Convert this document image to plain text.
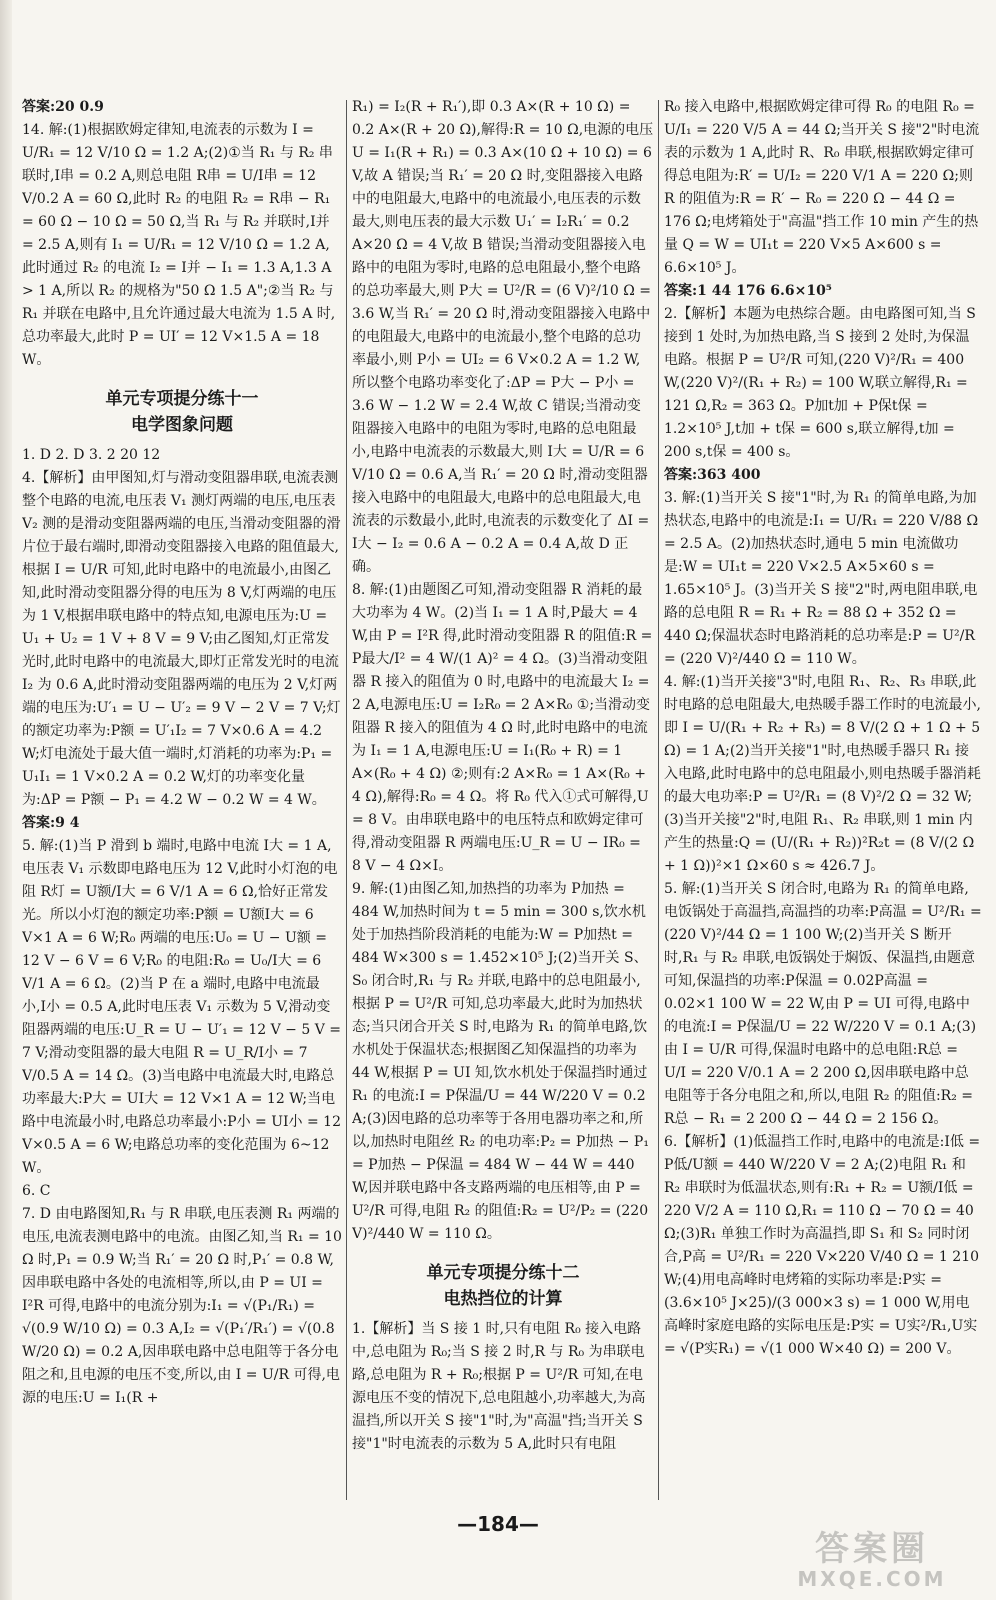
答案:20 0.9

14. 解:(1)根据欧姆定律知,电流表的示数为 I = U/R₁ = 12 V/10 Ω = 1.2 A;(2)①当 R₁ 与 R₂ 串联时,I串 = 0.2 A,则总电阻 R串 = U/I串 = 12 V/0.2 A = 60 Ω,此时 R₂ 的电阻 R₂ = R串 − R₁ = 60 Ω − 10 Ω = 50 Ω,当 R₁ 与 R₂ 并联时,I并 = 2.5 A,则有 I₁ = U/R₁ = 12 V/10 Ω = 1.2 A,此时通过 R₂ 的电流 I₂ = I并 − I₁ = 1.3 A,1.3 A > 1 A,所以 R₂ 的规格为"50 Ω 1.5 A";②当 R₂ 与 R₁ 并联在电路中,且允许通过最大电流为 1.5 A 时,总功率最大,此时 P = UI′ = 12 V×1.5 A = 18 W。

单元专项提分练十一
电学图象问题

1. D 2. D 3. 2 20 12

4.【解析】由甲图知,灯与滑动变阻器串联,电流表测整个电路的电流,电压表 V₁ 测灯两端的电压,电压表 V₂ 测的是滑动变阻器两端的电压,当滑动变阻器的滑片位于最右端时,即滑动变阻器接入电路的阻值最大,根据 I = U/R 可知,此时电路中的电流最小,由图乙知,此时滑动变阻器分得的电压为 8 V,灯两端的电压为 1 V,根据串联电路中的特点知,电源电压为:U = U₁ + U₂ = 1 V + 8 V = 9 V;由乙图知,灯正常发光时,此时电路中的电流最大,即灯正常发光时的电流 I₂ 为 0.6 A,此时滑动变阻器两端的电压为 2 V,灯两端的电压为:U′₁ = U − U′₂ = 9 V − 2 V = 7 V;灯的额定功率为:P额 = U′₁I₂ = 7 V×0.6 A = 4.2 W;灯电流处于最大值一端时,灯消耗的功率为:P₁ = U₁I₁ = 1 V×0.2 A = 0.2 W,灯的功率变化量为:ΔP = P额 − P₁ = 4.2 W − 0.2 W = 4 W。

答案:9 4

5. 解:(1)当 P 滑到 b 端时,电路中电流 I大 = 1 A,电压表 V₁ 示数即电路电压为 12 V,此时小灯泡的电阻 R灯 = U额/I大 = 6 V/1 A = 6 Ω,恰好正常发光。所以小灯泡的额定功率:P额 = U额I大 = 6 V×1 A = 6 W;R₀ 两端的电压:U₀ = U − U额 = 12 V − 6 V = 6 V;R₀ 的电阻:R₀ = U₀/I大 = 6 V/1 A = 6 Ω。(2)当 P 在 a 端时,电路中电流最小,I小 = 0.5 A,此时电压表 V₁ 示数为 5 V,滑动变阻器两端的电压:U_R = U − U′₁ = 12 V − 5 V = 7 V;滑动变阻器的最大电阻 R = U_R/I小 = 7 V/0.5 A = 14 Ω。(3)当电路中电流最大时,电路总功率最大:P大 = UI大 = 12 V×1 A = 12 W;当电路中电流最小时,电路总功率最小:P小 = UI小 = 12 V×0.5 A = 6 W;电路总功率的变化范围为 6~12 W。

6. C

7. D 由电路图知,R₁ 与 R 串联,电压表测 R₁ 两端的电压,电流表测电路中的电流。由图乙知,当 R₁ = 10 Ω 时,P₁ = 0.9 W;当 R₁′ = 20 Ω 时,P₁′ = 0.8 W,因串联电路中各处的电流相等,所以,由 P = UI = I²R 可得,电路中的电流分别为:I₁ = √(P₁/R₁) = √(0.9 W/10 Ω) = 0.3 A,I₂ = √(P₁′/R₁′) = √(0.8 W/20 Ω) = 0.2 A,因串联电路中总电阻等于各分电阻之和,且电源的电压不变,所以,由 I = U/R 可得,电源的电压:U = I₁(R +

R₁) = I₂(R + R₁′),即 0.3 A×(R + 10 Ω) = 0.2 A×(R + 20 Ω),解得:R = 10 Ω,电源的电压 U = I₁(R + R₁) = 0.3 A×(10 Ω + 10 Ω) = 6 V,故 A 错误;当 R₁′ = 20 Ω 时,变阻器接入电路中的电阻最大,电路中的电流最小,电压表的示数最大,则电压表的最大示数 U₁′ = I₂R₁′ = 0.2 A×20 Ω = 4 V,故 B 错误;当滑动变阻器接入电路中的电阻为零时,电路的总电阻最小,整个电路的总功率最大,则 P大 = U²/R = (6 V)²/10 Ω = 3.6 W,当 R₁′ = 20 Ω 时,滑动变阻器接入电路中的电阻最大,电路中的电流最小,整个电路的总功率最小,则 P小 = UI₂ = 6 V×0.2 A = 1.2 W,所以整个电路功率变化了:ΔP = P大 − P小 = 3.6 W − 1.2 W = 2.4 W,故 C 错误;当滑动变阻器接入电路中的电阻为零时,电路的总电阻最小,电路中电流表的示数最大,则 I大 = U/R = 6 V/10 Ω = 0.6 A,当 R₁′ = 20 Ω 时,滑动变阻器接入电路中的电阻最大,电路中的总电阻最大,电流表的示数最小,此时,电流表的示数变化了 ΔI = I大 − I₂ = 0.6 A − 0.2 A = 0.4 A,故 D 正确。

8. 解:(1)由题图乙可知,滑动变阻器 R 消耗的最大功率为 4 W。(2)当 I₁ = 1 A 时,P最大 = 4 W,由 P = I²R 得,此时滑动变阻器 R 的阻值:R = P最大/I² = 4 W/(1 A)² = 4 Ω。(3)当滑动变阻器 R 接入的阻值为 0 时,电路中的电流最大 I₂ = 2 A,电源电压:U = I₂R₀ = 2 A×R₀ ①;当滑动变阻器 R 接入的阻值为 4 Ω 时,此时电路中的电流为 I₁ = 1 A,电源电压:U = I₁(R₀ + R) = 1 A×(R₀ + 4 Ω) ②;则有:2 A×R₀ = 1 A×(R₀ + 4 Ω),解得:R₀ = 4 Ω。将 R₀ 代入①式可解得,U = 8 V。由串联电路中的电压特点和欧姆定律可得,滑动变阻器 R 两端电压:U_R = U − IR₀ = 8 V − 4 Ω×I。

9. 解:(1)由图乙知,加热挡的功率为 P加热 = 484 W,加热时间为 t = 5 min = 300 s,饮水机处于加热挡阶段消耗的电能为:W = P加热t = 484 W×300 s = 1.452×10⁵ J;(2)当开关 S、S₀ 闭合时,R₁ 与 R₂ 并联,电路中的总电阻最小,根据 P = U²/R 可知,总功率最大,此时为加热状态;当只闭合开关 S 时,电路为 R₁ 的简单电路,饮水机处于保温状态;根据图乙知保温挡的功率为 44 W,根据 P = UI 知,饮水机处于保温挡时通过 R₁ 的电流:I = P保温/U = 44 W/220 V = 0.2 A;(3)因电路的总功率等于各用电器功率之和,所以,加热时电阻丝 R₂ 的电功率:P₂ = P加热 − P₁ = P加热 − P保温 = 484 W − 44 W = 440 W,因并联电路中各支路两端的电压相等,由 P = U²/R 可得,电阻 R₂ 的阻值:R₂ = U²/P₂ = (220 V)²/440 W = 110 Ω。

单元专项提分练十二
电热挡位的计算

1.【解析】当 S 接 1 时,只有电阻 R₀ 接入电路中,总电阻为 R₀;当 S 接 2 时,R 与 R₀ 为串联电路,总电阻为 R + R₀;根据 P = U²/R 可知,在电源电压不变的情况下,总电阻越小,功率越大,为高温挡,所以开关 S 接"1"时,为"高温"挡;当开关 S 接"1"时电流表的示数为 5 A,此时只有电阻

R₀ 接入电路中,根据欧姆定律可得 R₀ 的电阻 R₀ = U/I₁ = 220 V/5 A = 44 Ω;当开关 S 接"2"时电流表的示数为 1 A,此时 R、R₀ 串联,根据欧姆定律可得总电阻为:R′ = U/I₂ = 220 V/1 A = 220 Ω;则 R 的阻值为:R = R′ − R₀ = 220 Ω − 44 Ω = 176 Ω;电烤箱处于"高温"挡工作 10 min 产生的热量 Q = W = UI₁t = 220 V×5 A×600 s = 6.6×10⁵ J。

答案:1 44 176 6.6×10⁵

2.【解析】本题为电热综合题。由电路图可知,当 S 接到 1 处时,为加热电路,当 S 接到 2 处时,为保温电路。根据 P = U²/R 可知,(220 V)²/R₁ = 400 W,(220 V)²/(R₁ + R₂) = 100 W,联立解得,R₁ = 121 Ω,R₂ = 363 Ω。P加t加 + P保t保 = 1.2×10⁵ J,t加 + t保 = 600 s,联立解得,t加 = 200 s,t保 = 400 s。

答案:363 400

3. 解:(1)当开关 S 接"1"时,为 R₁ 的简单电路,为加热状态,电路中的电流是:I₁ = U/R₁ = 220 V/88 Ω = 2.5 A。(2)加热状态时,通电 5 min 电流做功是:W = UI₁t = 220 V×2.5 A×5×60 s = 1.65×10⁵ J。(3)当开关 S 接"2"时,两电阻串联,电路的总电阻 R = R₁ + R₂ = 88 Ω + 352 Ω = 440 Ω;保温状态时电路消耗的总功率是:P = U²/R = (220 V)²/440 Ω = 110 W。

4. 解:(1)当开关接"3"时,电阻 R₁、R₂、R₃ 串联,此时电路的总电阻最大,电热暖手器工作时的电流最小,即 I = U/(R₁ + R₂ + R₃) = 8 V/(2 Ω + 1 Ω + 5 Ω) = 1 A;(2)当开关接"1"时,电热暖手器只 R₁ 接入电路,此时电路中的总电阻最小,则电热暖手器消耗的最大电功率:P = U²/R₁ = (8 V)²/2 Ω = 32 W;(3)当开关接"2"时,电阻 R₁、R₂ 串联,则 1 min 内产生的热量:Q = (U/(R₁ + R₂))²R₂t = (8 V/(2 Ω + 1 Ω))²×1 Ω×60 s ≈ 426.7 J。

5. 解:(1)当开关 S 闭合时,电路为 R₁ 的简单电路,电饭锅处于高温挡,高温挡的功率:P高温 = U²/R₁ = (220 V)²/44 Ω = 1 100 W;(2)当开关 S 断开时,R₁ 与 R₂ 串联,电饭锅处于焖饭、保温挡,由题意可知,保温挡的功率:P保温 = 0.02P高温 = 0.02×1 100 W = 22 W,由 P = UI 可得,电路中的电流:I = P保温/U = 22 W/220 V = 0.1 A;(3)由 I = U/R 可得,保温时电路中的总电阻:R总 = U/I = 220 V/0.1 A = 2 200 Ω,因串联电路中总电阻等于各分电阻之和,所以,电阻 R₂ 的阻值:R₂ = R总 − R₁ = 2 200 Ω − 44 Ω = 2 156 Ω。

6.【解析】(1)低温挡工作时,电路中的电流是:I低 = P低/U额 = 440 W/220 V = 2 A;(2)电阻 R₁ 和 R₂ 串联时为低温状态,则有:R₁ + R₂ = U额/I低 = 220 V/2 A = 110 Ω,R₁ = 110 Ω − 70 Ω = 40 Ω;(3)R₁ 单独工作时为高温挡,即 S₁ 和 S₂ 同时闭合,P高 = U²/R₁ = 220 V×220 V/40 Ω = 1 210 W;(4)用电高峰时电烤箱的实际功率是:P实 = (3.6×10⁵ J×25)/(3 000×3 s) = 1 000 W,用电高峰时家庭电路的实际电压是:P实 = U实²/R₁,U实 = √(P实R₁) = √(1 000 W×40 Ω) = 200 V。

—184—
答案圈
MXQE.COM
